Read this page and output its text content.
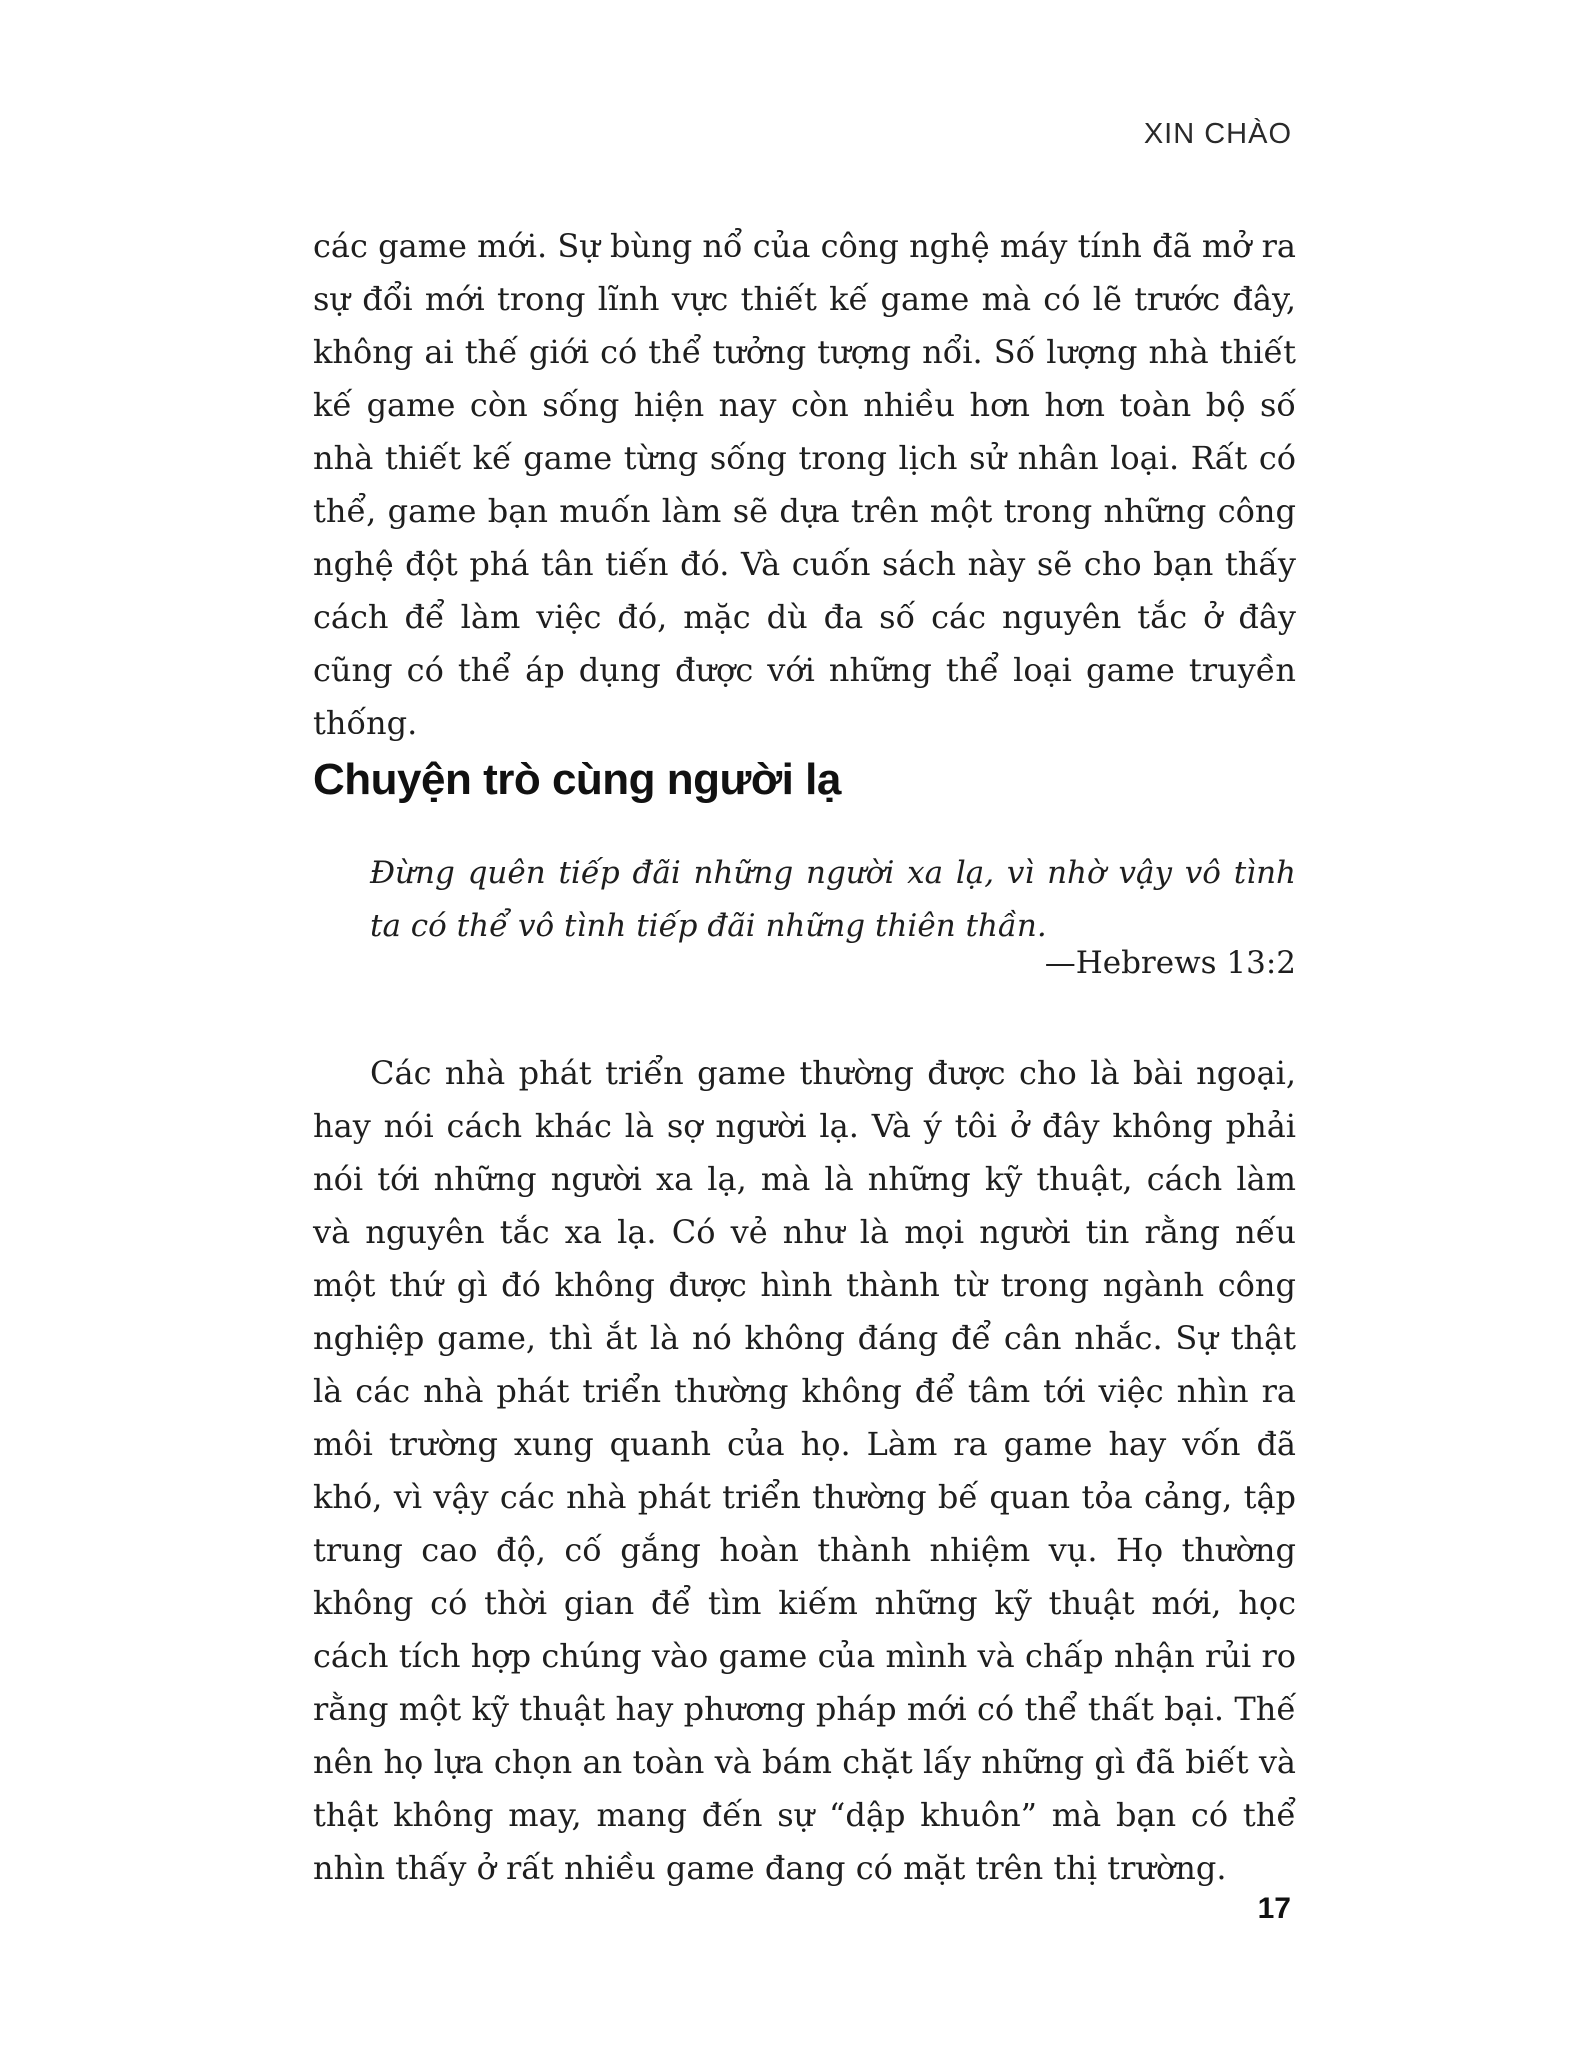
XIN CHÀO

các game mới. Sự bùng nổ của công nghệ máy tính đã mở ra sự đổi mới trong lĩnh vực thiết kế game mà có lẽ trước đây, không ai thế giới có thể tưởng tượng nổi. Số lượng nhà thiết kế game còn sống hiện nay còn nhiều hơn hơn toàn bộ số nhà thiết kế game từng sống trong lịch sử nhân loại. Rất có thể, game bạn muốn làm sẽ dựa trên một trong những công nghệ đột phá tân tiến đó. Và cuốn sách này sẽ cho bạn thấy cách để làm việc đó, mặc dù đa số các nguyên tắc ở đây cũng có thể áp dụng được với những thể loại game truyền thống.

Chuyện trò cùng người lạ

Đừng quên tiếp đãi những người xa lạ, vì nhờ vậy vô tình ta có thể vô tình tiếp đãi những thiên thần.

—Hebrews 13:2

Các nhà phát triển game thường được cho là bài ngoại, hay nói cách khác là sợ người lạ. Và ý tôi ở đây không phải nói tới những người xa lạ, mà là những kỹ thuật, cách làm và nguyên tắc xa lạ. Có vẻ như là mọi người tin rằng nếu một thứ gì đó không được hình thành từ trong ngành công nghiệp game, thì ắt là nó không đáng để cân nhắc. Sự thật là các nhà phát triển thường không để tâm tới việc nhìn ra môi trường xung quanh của họ. Làm ra game hay vốn đã khó, vì vậy các nhà phát triển thường bế quan tỏa cảng, tập trung cao độ, cố gắng hoàn thành nhiệm vụ. Họ thường không có thời gian để tìm kiếm những kỹ thuật mới, học cách tích hợp chúng vào game của mình và chấp nhận rủi ro rằng một kỹ thuật hay phương pháp mới có thể thất bại. Thế nên họ lựa chọn an toàn và bám chặt lấy những gì đã biết và thật không may, mang đến sự “dập khuôn” mà bạn có thể nhìn thấy ở rất nhiều game đang có mặt trên thị trường.

17
